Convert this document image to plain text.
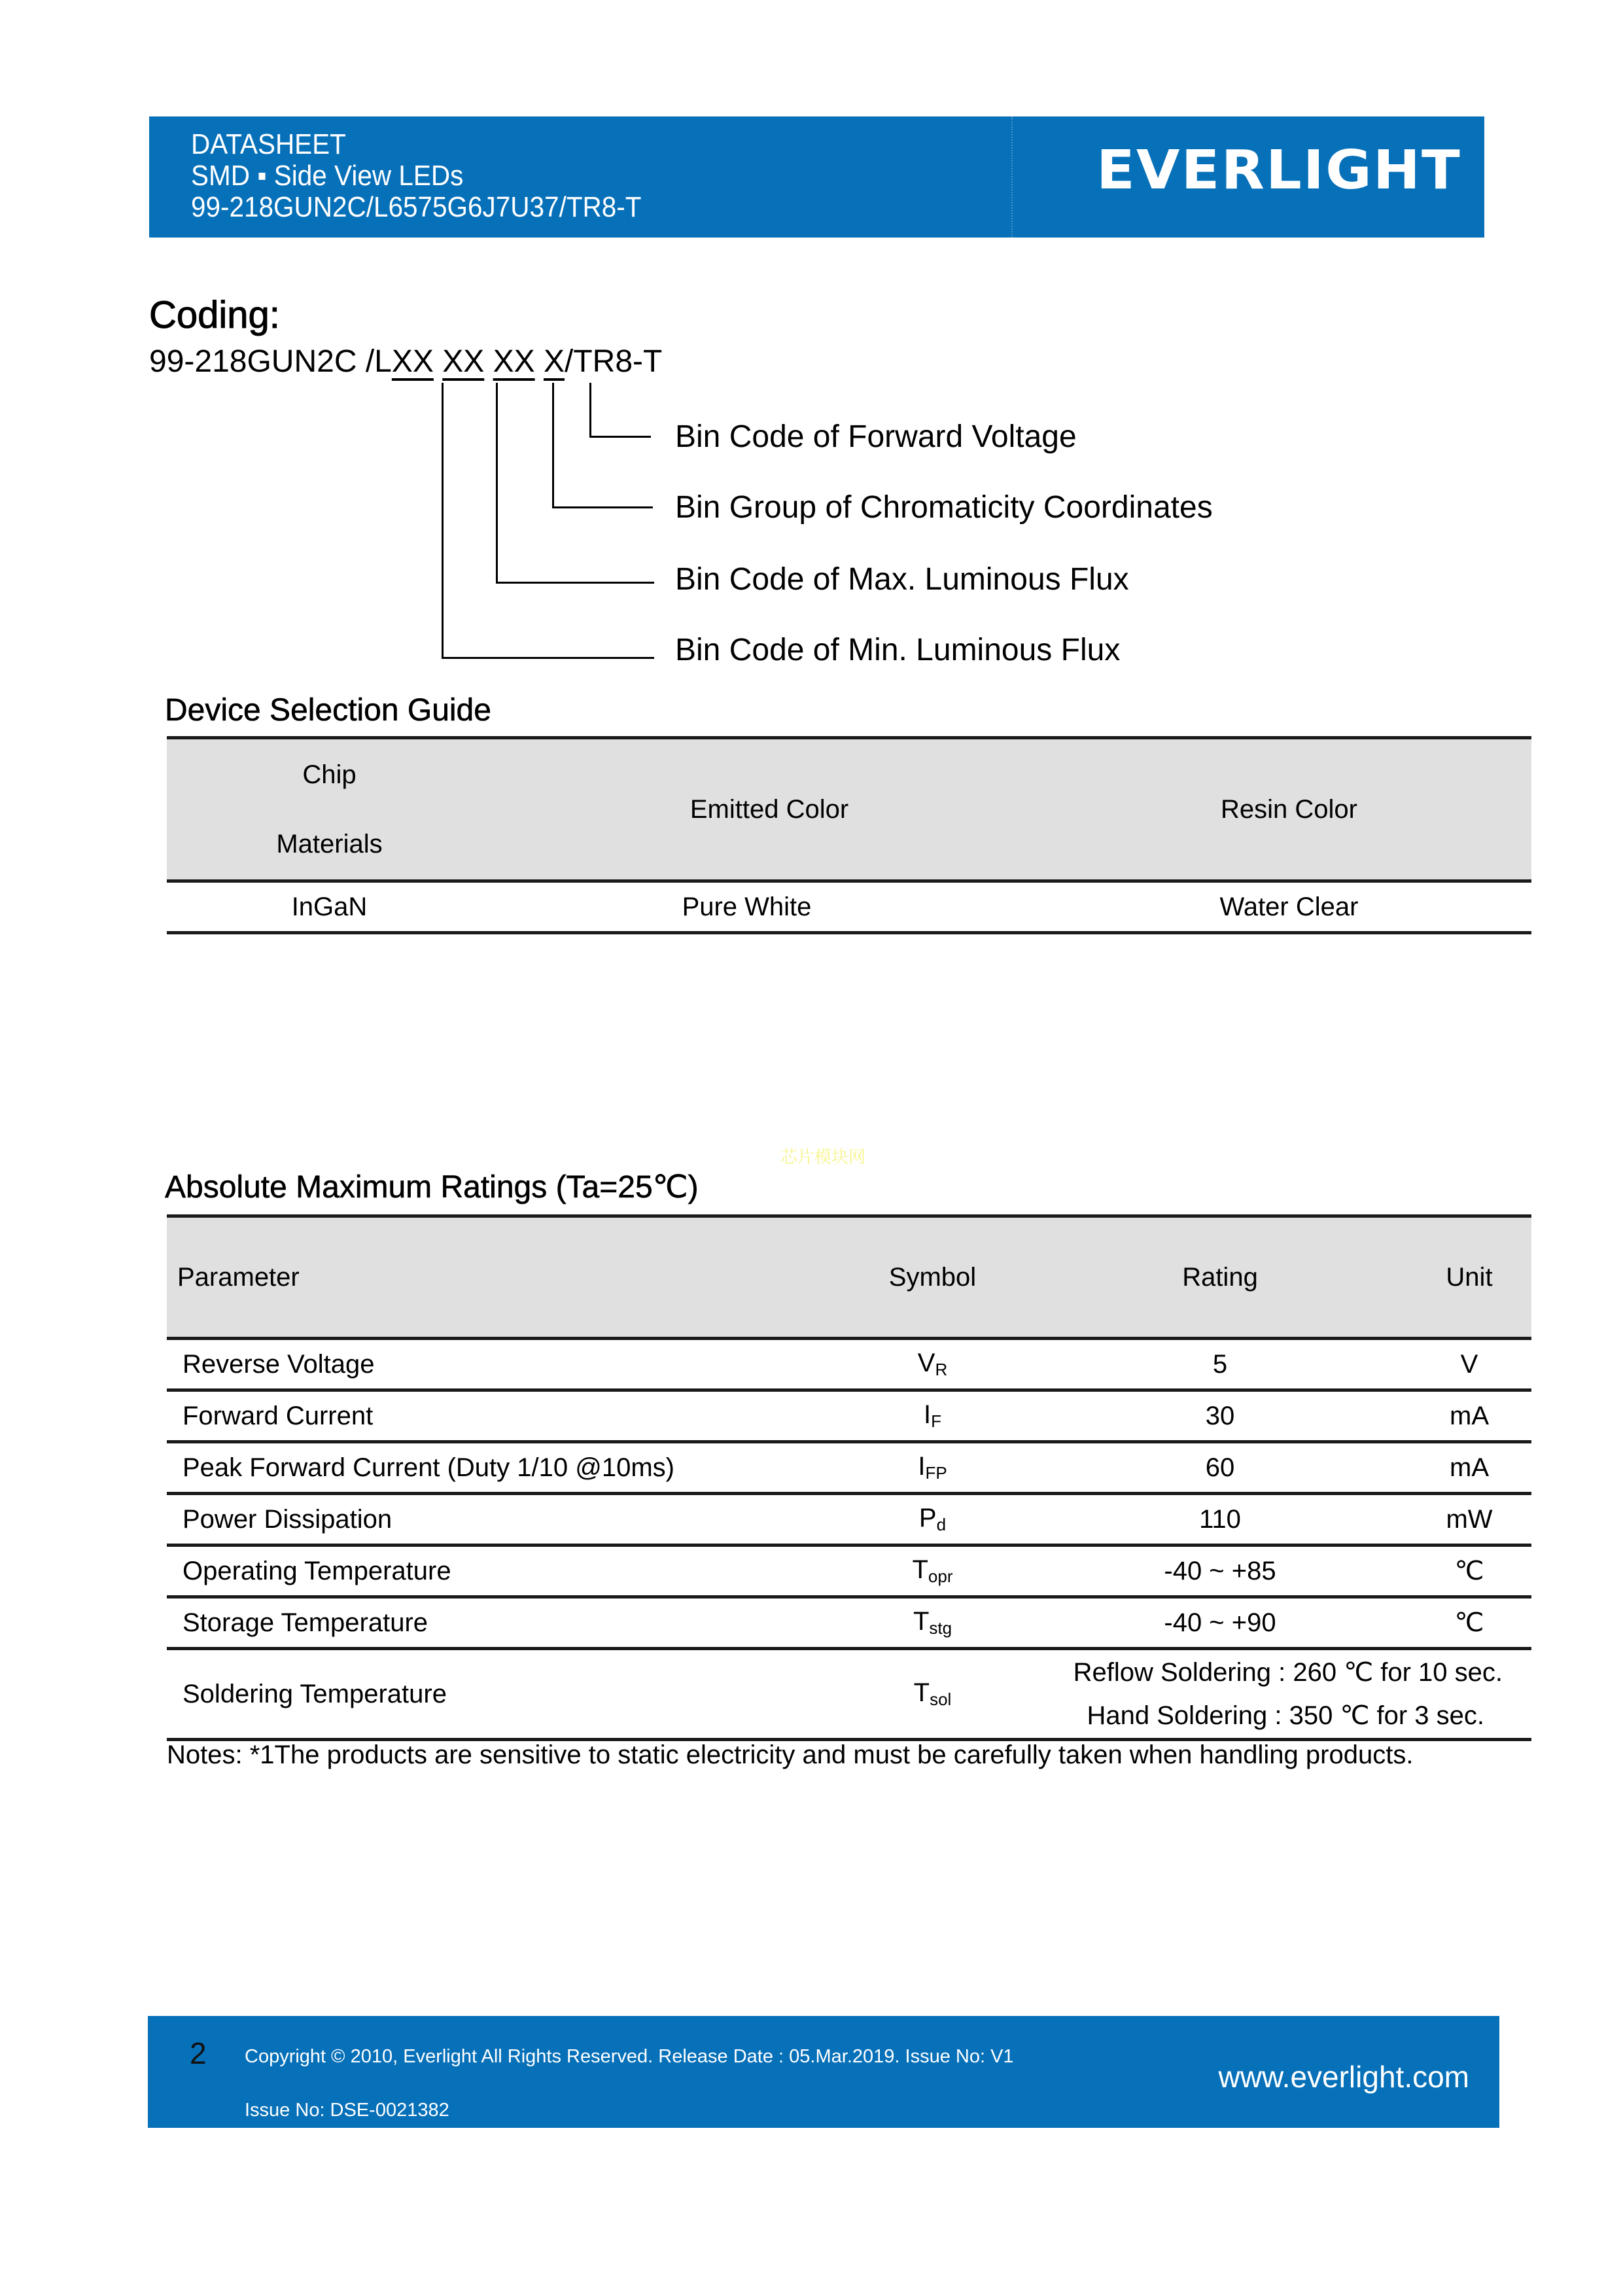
DATASHEET
SMD ▪ Side View LEDs
99-218GUN2C/L6575G6J7U37/TR8-T
EVERLIGHT
Coding:
99-218GUN2C /LXX XX XX X/TR8-T
Bin Code of Forward Voltage
Bin Group of Chromaticity Coordinates
Bin Code of Max. Luminous Flux
Bin Code of Min. Luminous Flux
Device Selection Guide
Chip
Materials	Emitted Color	Resin Color
InGaN	Pure White	Water Clear
芯片模块网
Absolute Maximum Ratings (Ta=25℃)
Parameter	Symbol	Rating	Unit
Reverse Voltage	$V_R$	5	V
Forward Current	$I_F$	30	mA
Peak Forward Current (Duty 1/10 @10ms)	$I_{FP}$	60	mA
Power Dissipation	$P_d$	110	mW
Operating Temperature	$T_{opr}$	-40 ~ +85	℃
Storage Temperature	$T_{stg}$	-40 ~ +90	℃
Soldering Temperature	$T_{sol}$	Reflow Soldering : 260 ℃ for 10 sec.
Hand Soldering : 350 ℃ for 3 sec.	
Notes: *1The products are sensitive to static electricity and must be carefully taken when handling products.
2 Copyright © 2010, Everlight All Rights Reserved. Release Date : 05.Mar.2019. Issue No: V1
Issue No: DSE-0021382
www.everlight.com
